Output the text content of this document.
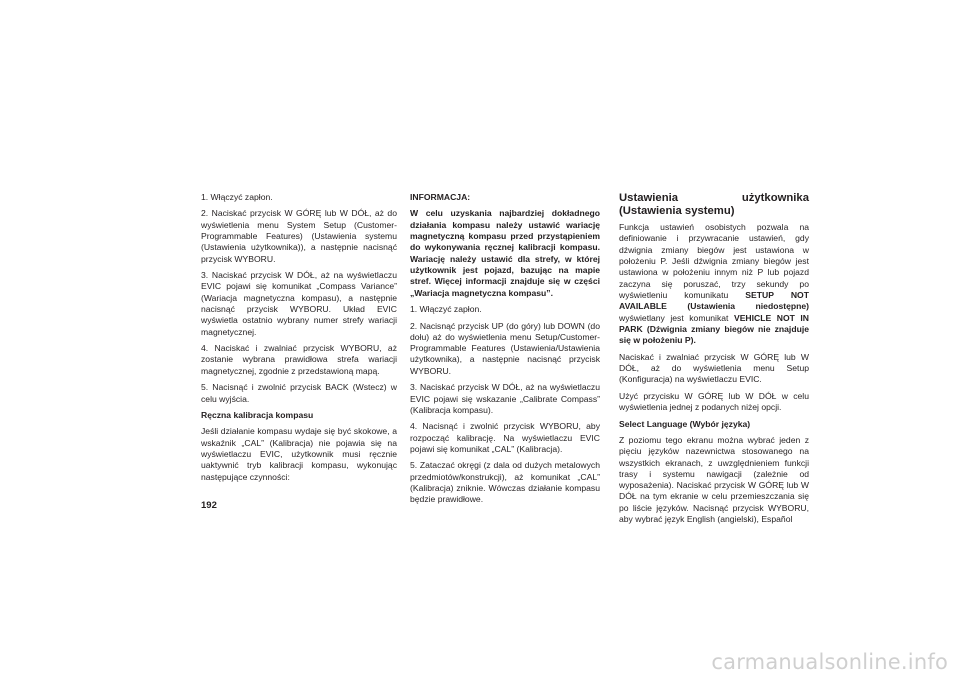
1. Włączyć zapłon.

2. Naciskać przycisk W GÓRĘ lub W DÓŁ, aż do wyświetlenia menu System Setup (Customer-Programmable Features) (Ustawienia systemu (Ustawienia użytkownika)), a następnie nacisnąć przycisk WYBORU.

3. Naciskać przycisk W DÓŁ, aż na wyświetlaczu EVIC pojawi się komunikat „Compass Variance” (Wariacja magnetyczna kompasu), a następnie nacisnąć przycisk WYBORU. Układ EVIC wyświetla ostatnio wybrany numer strefy wariacji magnetycznej.

4. Naciskać i zwalniać przycisk WYBORU, aż zostanie wybrana prawidłowa strefa wariacji magnetycznej, zgodnie z przedstawioną mapą.

5. Nacisnąć i zwolnić przycisk BACK (Wstecz) w celu wyjścia.

Ręczna kalibracja kompasu

Jeśli działanie kompasu wydaje się być skokowe, a wskaźnik „CAL” (Kalibracja) nie pojawia się na wyświetlaczu EVIC, użytkownik musi ręcznie uaktywnić tryb kalibracji kompasu, wykonując następujące czynności:

INFORMACJA:

W celu uzyskania najbardziej dokładnego działania kompasu należy ustawić wariację magnetyczną kompasu przed przystąpieniem do wykonywania ręcznej kalibracji kompasu. Wariację należy ustawić dla strefy, w której użytkownik jest pojazd, bazując na mapie stref. Więcej informacji znajduje się w części „Wariacja magnetyczna kompasu”.

1. Włączyć zapłon.

2. Nacisnąć przycisk UP (do góry) lub DOWN (do dołu) aż do wyświetlenia menu Setup/Customer-Programmable Features (Ustawienia/Ustawienia użytkownika), a następnie nacisnąć przycisk WYBORU.

3. Naciskać przycisk W DÓŁ, aż na wyświetlaczu EVIC pojawi się wskazanie „Calibrate Compass” (Kalibracja kompasu).

4. Nacisnąć i zwolnić przycisk WYBORU, aby rozpocząć kalibrację. Na wyświetlaczu EVIC pojawi się komunikat „CAL” (Kalibracja).

5. Zataczać okręgi (z dala od dużych metalowych przedmiotów/konstrukcji), aż komunikat „CAL” (Kalibracja) zniknie. Wówczas działanie kompasu będzie prawidłowe.

Ustawienia użytkownika (Ustawienia systemu)

Funkcja ustawień osobistych pozwala na definiowanie i przywracanie ustawień, gdy dźwignia zmiany biegów jest ustawiona w położeniu P. Jeśli dźwignia zmiany biegów jest ustawiona w położeniu innym niż P lub pojazd zaczyna się poruszać, trzy sekundy po wyświetleniu komunikatu SETUP NOT AVAILABLE (Ustawienia niedostępne) wyświetlany jest komunikat VEHICLE NOT IN PARK (Dźwignia zmiany biegów nie znajduje się w położeniu P).

Naciskać i zwalniać przycisk W GÓRĘ lub W DÓŁ, aż do wyświetlenia menu Setup (Konfiguracja) na wyświetlaczu EVIC.

Użyć przycisku W GÓRĘ lub W DÓŁ w celu wyświetlenia jednej z podanych niżej opcji.

Select Language (Wybór języka)

Z poziomu tego ekranu można wybrać jeden z pięciu języków nazewnictwa stosowanego na wszystkich ekranach, z uwzględnieniem funkcji trasy i systemu nawigacji (zależnie od wyposażenia). Naciskać przycisk W GÓRĘ lub W DÓŁ na tym ekranie w celu przemieszczania się po liście języków. Nacisnąć przycisk WYBORU, aby wybrać język English (angielski), Español

192
carmanualsonline.info
